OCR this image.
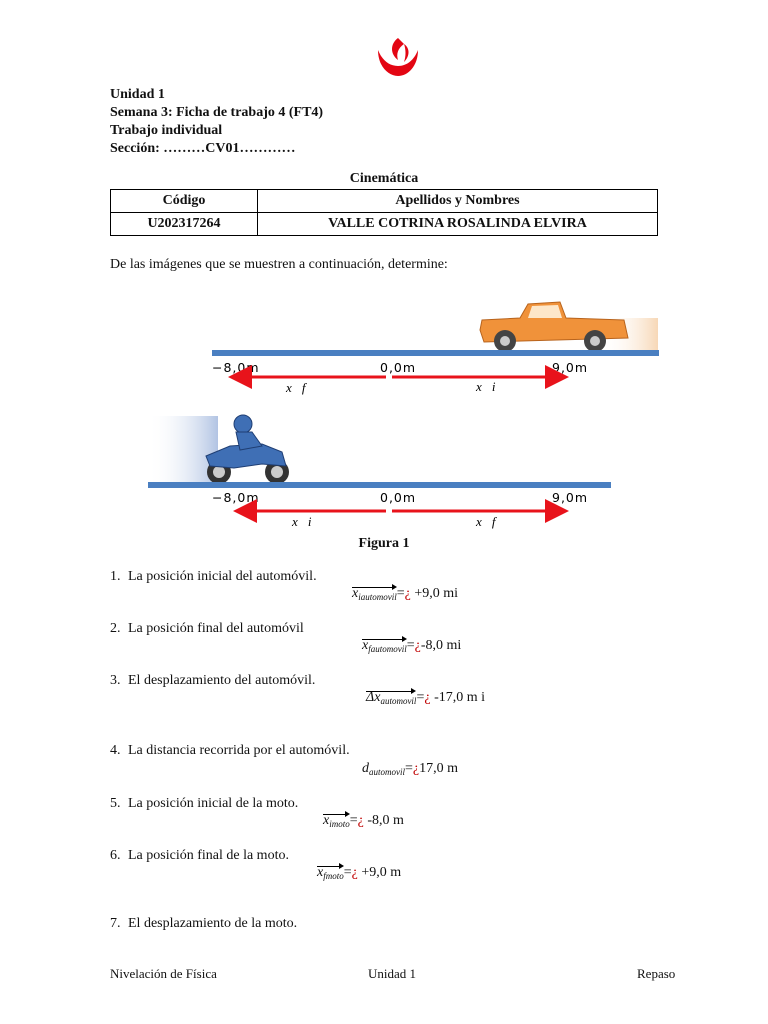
Unidad 1
Semana 3: Ficha de trabajo 4 (FT4)
Trabajo individual
Sección: ………CV01…………
Cinemática
Código	Apellidos y Nombres
U202317264	VALLE COTRINA ROSALINDA ELVIRA
De las imágenes que se muestren a continuación, determine:
−8,0m	0,0m	9,0m
x⃗f	x⃗i
−8,0m	0,0m	9,0m
x⃗i	x⃗f
Figura 1
1. La posición inicial del automóvil.
$x_{iautomovil}=¿ +9,0$ mi
2. La posición final del automóvil
$x_{fautomovil}=¿-8,0$ mi
3. El desplazamiento del automóvil.
$\Delta x_{automovil}=¿$ -17,0 m i
4. La distancia recorrida por el automóvil.
$d_{automovil}=¿17,0$ m
5. La posición inicial de la moto.
$x_{imoto}=¿$ -8,0 m
6. La posición final de la moto.
$x_{fmoto}=¿ +9,0$ m
7. El desplazamiento de la moto.
Nivelación de Física	Unidad 1	Repaso
